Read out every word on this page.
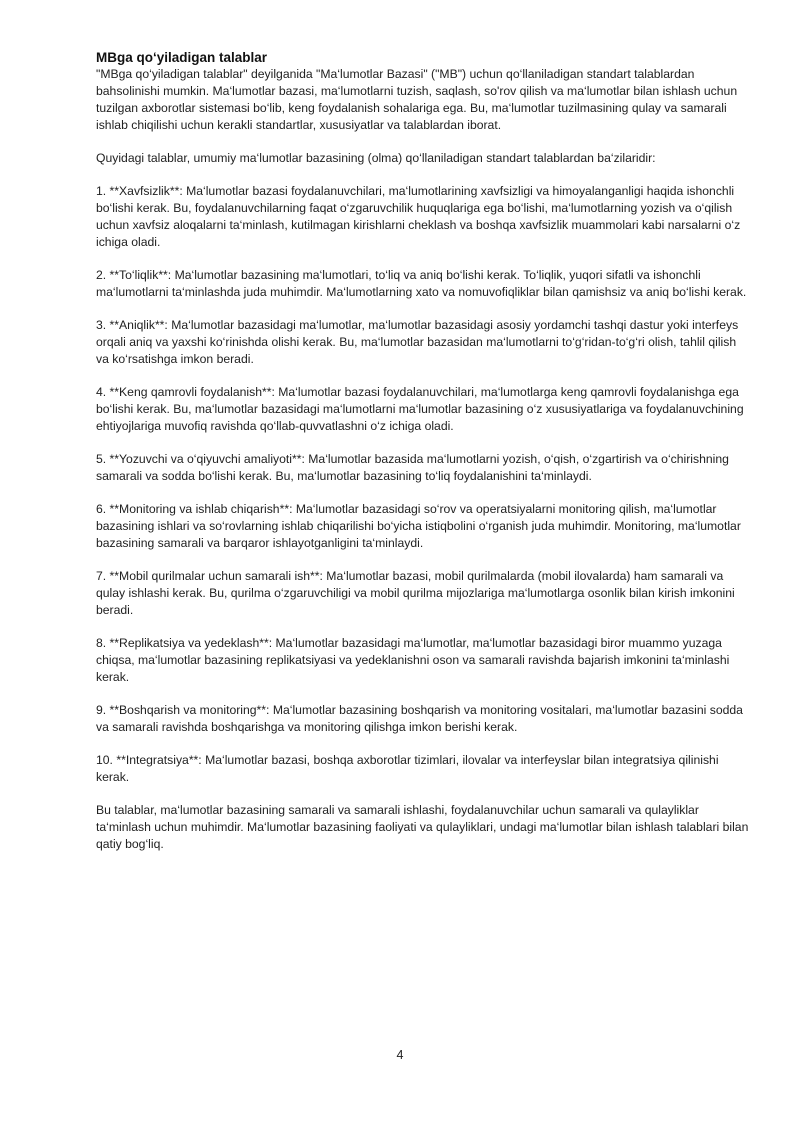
MBga qo‘yiladigan talablar

"MBga qo‘yiladigan talablar" deyilganida "Ma‘lumotlar Bazasi" ("MB") uchun qo‘llaniladigan standart talablardan bahsolinishi mumkin. Ma‘lumotlar bazasi, ma‘lumotlarni tuzish, saqlash, so'rov qilish va ma‘lumotlar bilan ishlash uchun tuzilgan axborotlar sistemasi bo‘lib, keng foydalanish sohalariga ega. Bu, ma‘lumotlar tuzilmasining qulay va samarali ishlab chiqilishi uchun kerakli standartlar, xususiyatlar va talablardan iborat.

Quyidagi talablar, umumiy ma‘lumotlar bazasining (olma) qo‘llaniladigan standart talablardan ba‘zilaridir:

1. **Xavfsizlik**: Ma‘lumotlar bazasi foydalanuvchilari, ma‘lumotlarining xavfsizligi va himoyalanganligi haqida ishonchli bo‘lishi kerak. Bu, foydalanuvchilarning faqat o‘zgaruvchilik huquqlariga ega bo‘lishi, ma‘lumotlarning yozish va o‘qilish uchun xavfsiz aloqalarni ta‘minlash, kutilmagan kirishlarni cheklash va boshqa xavfsizlik muammolari kabi narsalarni o‘z ichiga oladi.

2. **To‘liqlik**: Ma‘lumotlar bazasining ma‘lumotlari, to‘liq va aniq bo‘lishi kerak. To‘liqlik, yuqori sifatli va ishonchli ma‘lumotlarni ta‘minlashda juda muhimdir. Ma‘lumotlarning xato va nomuvofiqliklar bilan qamishsiz va aniq bo‘lishi kerak.

3. **Aniqlik**: Ma‘lumotlar bazasidagi ma‘lumotlar, ma‘lumotlar bazasidagi asosiy yordamchi tashqi dastur yoki interfeys orqali aniq va yaxshi ko‘rinishda olishi kerak. Bu, ma‘lumotlar bazasidan ma‘lumotlarni to‘g‘ridan-to‘g‘ri olish, tahlil qilish va ko‘rsatishga imkon beradi.

4. **Keng qamrovli foydalanish**: Ma‘lumotlar bazasi foydalanuvchilari, ma‘lumotlarga keng qamrovli foydalanishga ega bo‘lishi kerak. Bu, ma‘lumotlar bazasidagi ma‘lumotlarni ma‘lumotlar bazasining o‘z xususiyatlariga va foydalanuvchining ehtiyojlariga muvofiq ravishda qo‘llab-quvvatlashni o‘z ichiga oladi.

5. **Yozuvchi va o‘qiyuvchi amaliyoti**: Ma‘lumotlar bazasida ma‘lumotlarni yozish, o‘qish, o‘zgartirish va o‘chirishning samarali va sodda bo‘lishi kerak. Bu, ma‘lumotlar bazasining to‘liq foydalanishini ta‘minlaydi.

6. **Monitoring va ishlab chiqarish**: Ma‘lumotlar bazasidagi so‘rov va operatsiyalarni monitoring qilish, ma‘lumotlar bazasining ishlari va so‘rovlarning ishlab chiqarilishi bo‘yicha istiqbolini o‘rganish juda muhimdir. Monitoring, ma‘lumotlar bazasining samarali va barqaror ishlayotganligini ta‘minlaydi.

7. **Mobil qurilmalar uchun samarali ish**: Ma‘lumotlar bazasi, mobil qurilmalarda (mobil ilovalarda) ham samarali va qulay ishlashi kerak. Bu, qurilma o‘zgaruvchiligi va mobil qurilma mijozlariga ma‘lumotlarga osonlik bilan kirish imkonini beradi.

8. **Replikatsiya va yedeklash**: Ma‘lumotlar bazasidagi ma‘lumotlar, ma‘lumotlar bazasidagi biror muammo yuzaga chiqsa, ma‘lumotlar bazasining replikatsiyasi va yedeklanishni oson va samarali ravishda bajarish imkonini ta‘minlashi kerak.

9. **Boshqarish va monitoring**: Ma‘lumotlar bazasining boshqarish va monitoring vositalari, ma‘lumotlar bazasini sodda va samarali ravishda boshqarishga va monitoring qilishga imkon berishi kerak.

10. **Integratsiya**: Ma‘lumotlar bazasi, boshqa axborotlar tizimlari, ilovalar va interfeyslar bilan integratsiya qilinishi kerak.

Bu talablar, ma‘lumotlar bazasining samarali va samarali ishlashi, foydalanuvchilar uchun samarali va qulayliklar ta‘minlash uchun muhimdir. Ma‘lumotlar bazasining faoliyati va qulayliklari, undagi ma‘lumotlar bilan ishlash talablari bilan qatiy bog‘liq.

4
